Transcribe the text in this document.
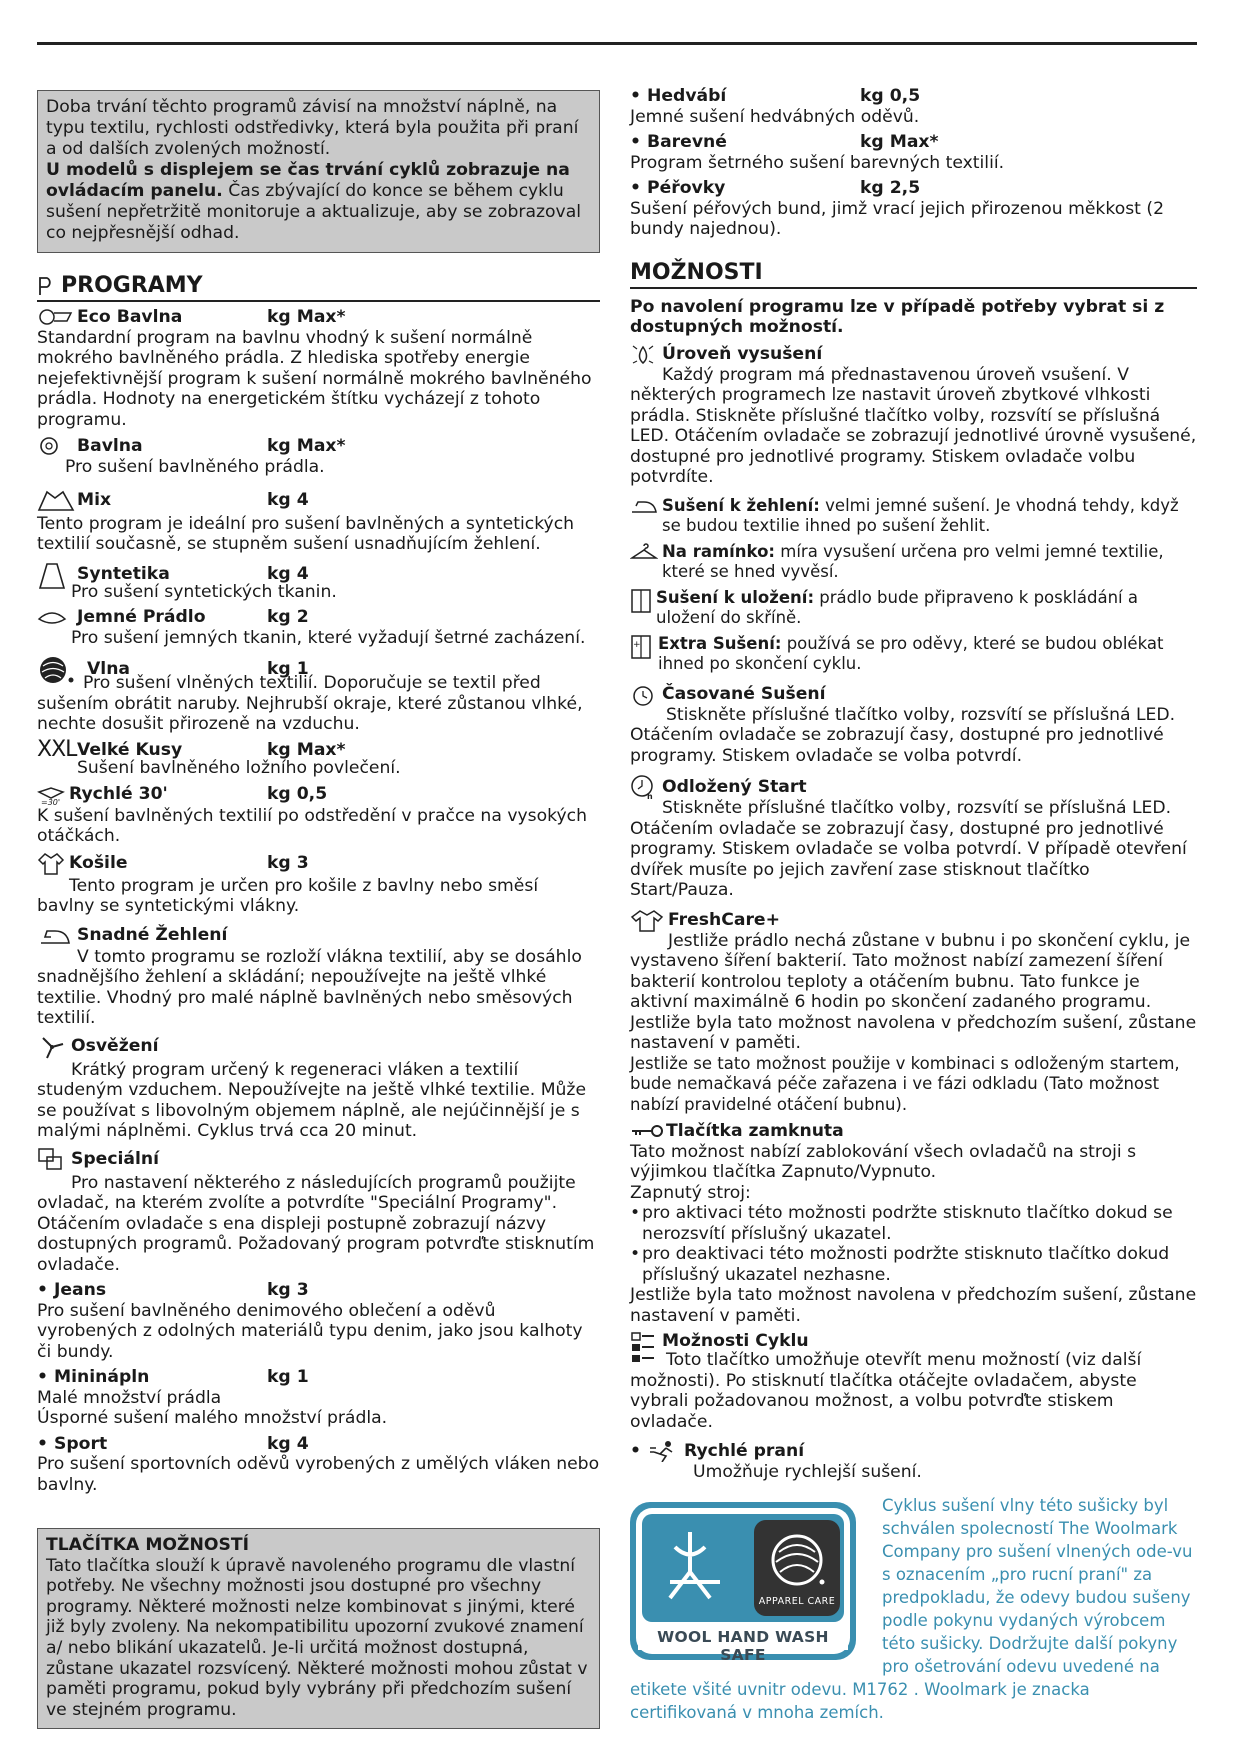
Doba trvání těchto programů závisí na množství náplně, na typu textilu, rychlosti odstředivky, která byla použita při praní a od dalších zvolených možností.
U modelů s displejem se čas trvání cyklů zobrazuje na ovládacím panelu. Čas zbývající do konce se během cyklu sušení nepřetržitě monitoruje a aktualizuje, aby se zobrazoval co nejpřesnější odhad.
PROGRAMY
Eco Bavlna	kg Max*
Standardní program na bavlnu vhodný k sušení normálně mokrého bavlněného prádla. Z hlediska spotřeby energie nejefektivnější program k sušení normálně mokrého bavlněného prádla. Hodnoty na energetickém štítku vycházejí z tohoto programu.
Bavlna	kg Max*
Pro sušení bavlněného prádla.
Mix	kg 4
Tento program je ideální pro sušení bavlněných a syntetických textilií současně, se stupněm sušení usnadňujícím žehlení.
Syntetika	kg 4
Pro sušení syntetických tkanin.
Jemné Prádlo	kg 2
Pro sušení jemných tkanin, které vyžadují šetrné zacházení.
Vlna	kg 1
Pro sušení vlněných textilií. Doporučuje se textil před sušením obrátit naruby. Nejhrubší okraje, které zůstanou vlhké, nechte dosušit přirozeně na vzduchu.
XXL Velké Kusy	kg Max*
Sušení bavlněného ložního povlečení.
=30' Rychlé 30'	kg 0,5
K sušení bavlněných textilií po odstředění v pračce na vysokých otáčkách.
Košile	kg 3
Tento program je určen pro košile z bavlny nebo směsí bavlny se syntetickými vlákny.
Snadné Žehlení
V tomto programu se rozloží vlákna textilií, aby se dosáhlo snadnějšího žehlení a skládání; nepoužívejte na ještě vlhké textilie. Vhodný pro malé náplně bavlněných nebo směsových textilií.
Osvěžení
Krátký program určený k regeneraci vláken a textilií studeným vzduchem. Nepoužívejte na ještě vlhké textilie. Může se používat s libovolným objemem náplně, ale nejúčinnější je s malými náplněmi. Cyklus trvá cca 20 minut.
Speciální
Pro nastavení některého z následujících programů použijte ovladač, na kterém zvolíte a potvrdíte "Speciální Programy". Otáčením ovladače s ena displeji postupně zobrazují názvy dostupných programů. Požadovaný program potvrďte stisknutím ovladače.
• Jeans	kg 3
Pro sušení bavlněného denimového oblečení a oděvů vyrobených z odolných materiálů typu denim, jako jsou kalhoty či bundy.
• Mininápln	kg 1
Malé množství prádla
Úsporné sušení malého množství prádla.
• Sport	kg 4
Pro sušení sportovních oděvů vyrobených z umělých vláken nebo bavlny.
TLAČÍTKA MOŽNOSTÍ
Tato tlačítka slouží k úpravě navoleného programu dle vlastní potřeby. Ne všechny možnosti jsou dostupné pro všechny programy. Některé možnosti nelze kombinovat s jinými, které již byly zvoleny. Na nekompatibilitu upozorní zvukové znamení a/ nebo blikání ukazatelů. Je-li určitá možnost dostupná, zůstane ukazatel rozsvícený. Některé možnosti mohou zůstat v paměti programu, pokud byly vybrány při předchozím sušení ve stejném programu.
• Hedvábí	kg 0,5
Jemné sušení hedvábných oděvů.
• Barevné	kg Max*
Program šetrného sušení barevných textilií.
• Péřovky	kg 2,5
Sušení péřových bund, jimž vrací jejich přirozenou měkkost (2 bundy najednou).
MOŽNOSTI
Po navolení programu lze v případě potřeby vybrat si z dostupných možností.
Úroveň vysušení
Každý program má přednastavenou úroveň vsušení. V některých programech lze nastavit úroveň zbytkové vlhkosti prádla. Stiskněte příslušné tlačítko volby, rozsvítí se příslušná LED. Otáčením ovladače se zobrazují jednotlivé úrovně vysušené, dostupné pro jednotlivé programy. Stiskem ovladače volbu potvrdíte.
Sušení k žehlení: velmi jemné sušení. Je vhodná tehdy, když se budou textilie ihned po sušení žehlit.
Na ramínko: míra vysušení určena pro velmi jemné textilie, které se hned vyvěsí.
Sušení k uložení: prádlo bude připraveno k poskládání a uložení do skříně.
+ Extra Sušení: používá se pro oděvy, které se budou oblékat ihned po skončení cyklu.
Časované Sušení
Stiskněte příslušné tlačítko volby, rozsvítí se příslušná LED. Otáčením ovladače se zobrazují časy, dostupné pro jednotlivé programy. Stiskem ovladače se volba potvrdí.
h Odložený Start
Stiskněte příslušné tlačítko volby, rozsvítí se příslušná LED. Otáčením ovladače se zobrazují časy, dostupné pro jednotlivé programy. Stiskem ovladače se volba potvrdí. V případě otevření dvířek musíte po jejich zavření zase stisknout tlačítko Start/Pauza.
FreshCare+
Jestliže prádlo nechá zůstane v bubnu i po skončení cyklu, je vystaveno šíření bakterií. Tato možnost nabízí zamezení šíření bakterií kontrolou teploty a otáčením bubnu. Tato funkce je aktivní maximálně 6 hodin po skončení zadaného programu. Jestliže byla tato možnost navolena v předchozím sušení, zůstane nastavení v paměti.
Jestliže se tato možnost použije v kombinaci s odloženým startem, bude nemačkavá péče zařazena i ve fázi odkladu (Tato možnost nabízí pravidelné otáčení bubnu).
Tlačítka zamknuta
Tato možnost nabízí zablokování všech ovladačů na stroji s výjimkou tlačítka Zapnuto/Vypnuto.
Zapnutý stroj:
• pro aktivaci této možnosti podržte stisknuto tlačítko dokud se nerozsvítí příslušný ukazatel.
• pro deaktivaci této možnosti podržte stisknuto tlačítko dokud příslušný ukazatel nezhasne.
Jestliže byla tato možnost navolena v předchozím sušení, zůstane nastavení v paměti.
Možnosti Cyklu
Toto tlačítko umožňuje otevřít menu možností (viz další možnosti). Po stisknutí tlačítka otáčejte ovladačem, abyste vybrali požadovanou možnost, a volbu potvrďte stiskem ovladače.
•	Rychlé praní
Umožňuje rychlejší sušení.
APPAREL CARE
WOOL HAND WASH SAFE
Cyklus sušení vlny této sušicky byl schválen spolecností The Woolmark Company pro sušení vlnených ode-vu s oznacením „pro rucní praní" za predpokladu, že odevy budou sušeny podle pokynu vydaných výrobcem této sušicky. Dodržujte další pokyny pro ošetrování odevu uvedené na etikete všité uvnitr odevu. M1762 . Woolmark je znacka certifikovaná v mnoha zemích.
